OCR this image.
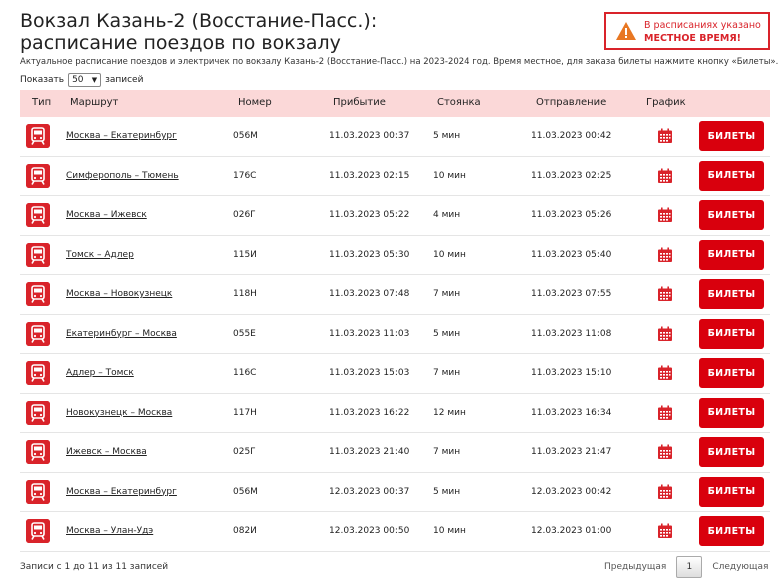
Вокзал Казань-2 (Восстание-Пасс.):
расписание поездов по вокзалу
В расписаниях указано
МЕСТНОЕ ВРЕМЯ!
Актуальное расписание поездов и электричек по вокзалу Казань-2 (Восстание-Пасс.) на 2023-2024 год. Время местное, для заказа билеты нажмите кнопку «Билеты».
Показать 50 ▼ записей
Тип Маршрут	Номер	Прибытие	Стоянка	Отправление	График
Москва – Екатеринбург	056М	11.03.2023 00:37	5 мин	11.03.2023 00:42	БИЛЕТЫ
Симферополь – Тюмень	176С	11.03.2023 02:15	10 мин	11.03.2023 02:25	БИЛЕТЫ
Москва – Ижевск	026Г	11.03.2023 05:22	4 мин	11.03.2023 05:26	БИЛЕТЫ
Томск – Адлер	115И	11.03.2023 05:30	10 мин	11.03.2023 05:40	БИЛЕТЫ
Москва – Новокузнецк	118Н	11.03.2023 07:48	7 мин	11.03.2023 07:55	БИЛЕТЫ
Екатеринбург – Москва	055Е	11.03.2023 11:03	5 мин	11.03.2023 11:08	БИЛЕТЫ
Адлер – Томск	116С	11.03.2023 15:03	7 мин	11.03.2023 15:10	БИЛЕТЫ
Новокузнецк – Москва	117Н	11.03.2023 16:22	12 мин	11.03.2023 16:34	БИЛЕТЫ
Ижевск – Москва	025Г	11.03.2023 21:40	7 мин	11.03.2023 21:47	БИЛЕТЫ
Москва – Екатеринбург	056М	12.03.2023 00:37	5 мин	12.03.2023 00:42	БИЛЕТЫ
Москва – Улан-Удэ	082И	12.03.2023 00:50	10 мин	12.03.2023 01:00	БИЛЕТЫ
Записи с 1 до 11 из 11 записей	Предыдущая	1	Следующая
